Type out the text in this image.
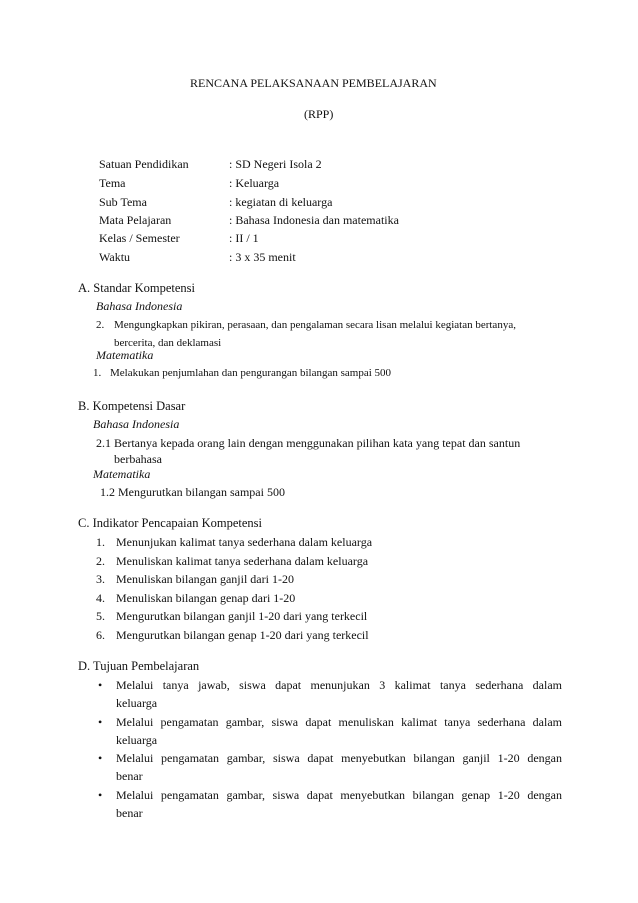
RENCANA PELAKSANAAN PEMBELAJARAN
(RPP)
Satuan Pendidikan	: SD Negeri Isola 2
Tema	: Keluarga
Sub Tema	: kegiatan di keluarga
Mata Pelajaran	: Bahasa Indonesia dan matematika
Kelas / Semester	: II / 1
Waktu	: 3 x 35 menit
A. Standar Kompetensi
Bahasa Indonesia
2. Mengungkapkan pikiran, perasaan, dan pengalaman secara lisan melalui kegiatan bertanya,
bercerita, dan deklamasi
Matematika
1. Melakukan penjumlahan dan pengurangan bilangan sampai 500
B. Kompetensi Dasar
Bahasa Indonesia
2.1 Bertanya kepada orang lain dengan menggunakan pilihan kata yang tepat dan santun
berbahasa
Matematika
1.2 Mengurutkan bilangan sampai 500
C. Indikator Pencapaian Kompetensi
1. Menunjukan kalimat tanya sederhana dalam keluarga
2. Menuliskan kalimat tanya sederhana dalam keluarga
3. Menuliskan bilangan ganjil dari 1-20
4. Menuliskan bilangan genap dari 1-20
5. Mengurutkan bilangan ganjil 1-20 dari yang terkecil
6. Mengurutkan bilangan genap 1-20 dari yang terkecil
D. Tujuan Pembelajaran
• Melalui tanya jawab, siswa dapat menunjukan 3 kalimat tanya sederhana dalam
keluarga
• Melalui pengamatan gambar, siswa dapat menuliskan kalimat tanya sederhana dalam
keluarga
• Melalui pengamatan gambar, siswa dapat menyebutkan bilangan ganjil 1-20 dengan
benar
• Melalui pengamatan gambar, siswa dapat menyebutkan bilangan genap 1-20 dengan
benar
